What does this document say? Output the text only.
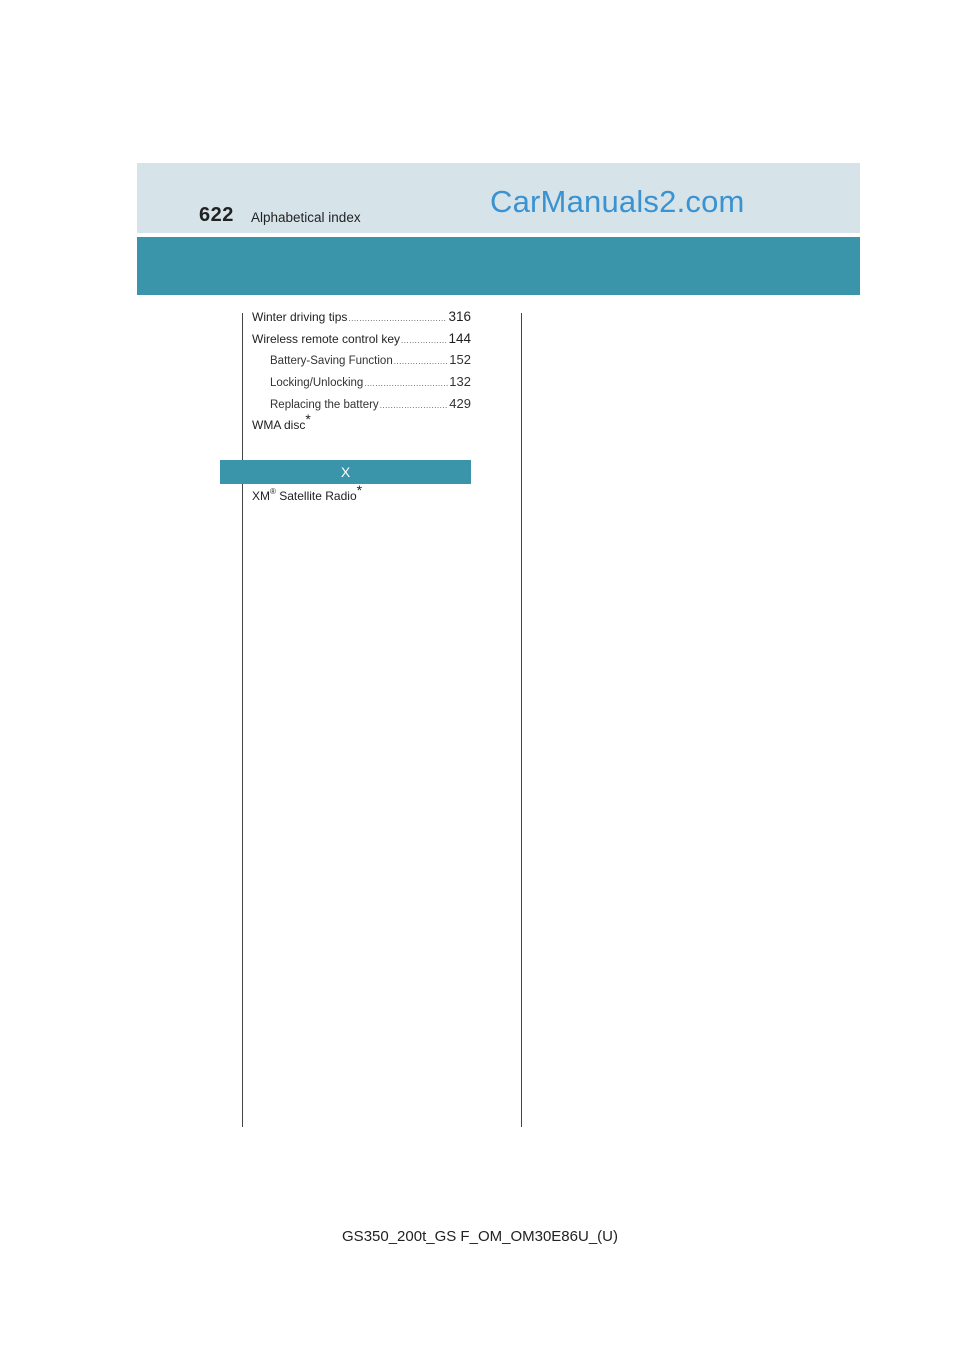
622 Alphabetical index	CarManuals2.com
Winter driving tips .....	316
Wireless remote control key .....	144
Battery-Saving Function .....	152
Locking/Unlocking .....	132
Replacing the battery .....	429
WMA disc*
X
XM® Satellite Radio*
GS350_200t_GS F_OM_OM30E86U_(U)
